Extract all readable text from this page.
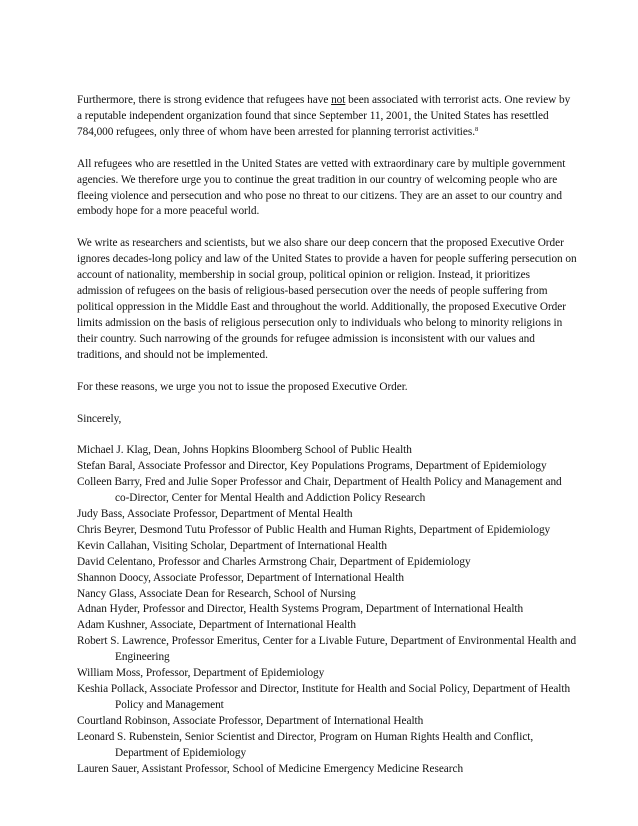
Furthermore, there is strong evidence that refugees have not been associated with terrorist acts. One review by a reputable independent organization found that since September 11, 2001, the United States has resettled 784,000 refugees, only three of whom have been arrested for planning terrorist activities.$^8$

All refugees who are resettled in the United States are vetted with extraordinary care by multiple government agencies. We therefore urge you to continue the great tradition in our country of welcoming people who are fleeing violence and persecution and who pose no threat to our citizens. They are an asset to our country and embody hope for a more peaceful world.

We write as researchers and scientists, but we also share our deep concern that the proposed Executive Order ignores decades-long policy and law of the United States to provide a haven for people suffering persecution on account of nationality, membership in social group, political opinion or religion. Instead, it prioritizes admission of refugees on the basis of religious-based persecution over the needs of people suffering from political oppression in the Middle East and throughout the world. Additionally, the proposed Executive Order limits admission on the basis of religious persecution only to individuals who belong to minority religions in their country. Such narrowing of the grounds for refugee admission is inconsistent with our values and traditions, and should not be implemented.

For these reasons, we urge you not to issue the proposed Executive Order.

Sincerely,

Michael J. Klag, Dean, Johns Hopkins Bloomberg School of Public Health
Stefan Baral, Associate Professor and Director, Key Populations Programs, Department of Epidemiology
Colleen Barry, Fred and Julie Soper Professor and Chair, Department of Health Policy and Management and co-Director, Center for Mental Health and Addiction Policy Research
Judy Bass, Associate Professor, Department of Mental Health
Chris Beyrer, Desmond Tutu Professor of Public Health and Human Rights, Department of Epidemiology
Kevin Callahan, Visiting Scholar, Department of International Health
David Celentano, Professor and Charles Armstrong Chair, Department of Epidemiology
Shannon Doocy, Associate Professor, Department of International Health
Nancy Glass, Associate Dean for Research, School of Nursing
Adnan Hyder, Professor and Director, Health Systems Program, Department of International Health
Adam Kushner, Associate, Department of International Health
Robert S. Lawrence, Professor Emeritus, Center for a Livable Future, Department of Environmental Health and Engineering
William Moss, Professor, Department of Epidemiology
Keshia Pollack, Associate Professor and Director, Institute for Health and Social Policy, Department of Health Policy and Management
Courtland Robinson, Associate Professor, Department of International Health
Leonard S. Rubenstein, Senior Scientist and Director, Program on Human Rights Health and Conflict, Department of Epidemiology
Lauren Sauer, Assistant Professor, School of Medicine Emergency Medicine Research
